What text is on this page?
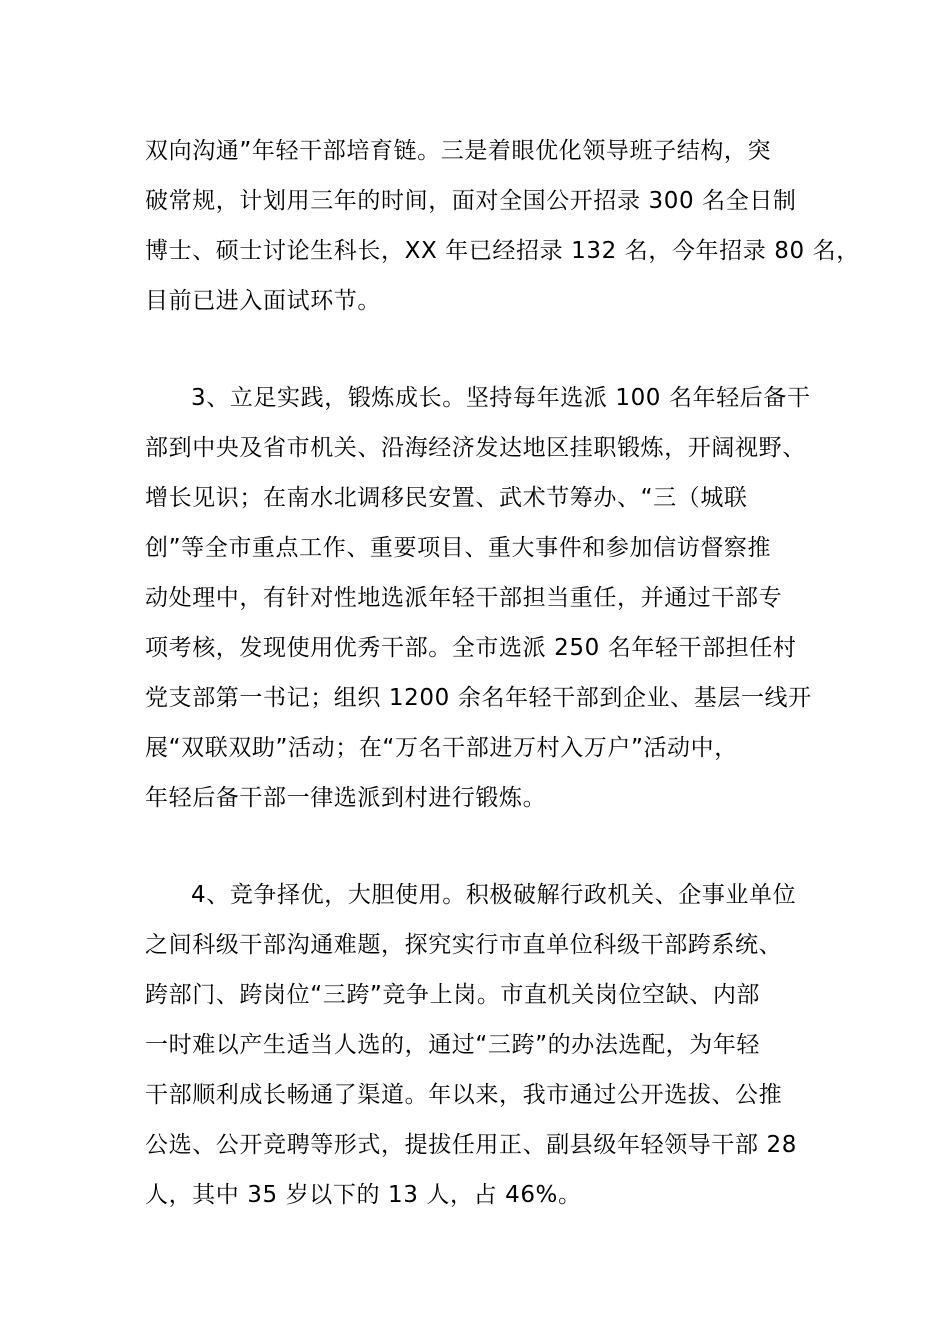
双向沟通”年轻干部培育链。三是着眼优化领导班子结构，突
破常规，计划用三年的时间，面对全国公开招录 300 名全日制
博士、硕士讨论生科长，XX 年已经招录 132 名，今年招录 80 名，
目前已进入面试环节。
3、立足实践，锻炼成长。坚持每年选派 100 名年轻后备干
部到中央及省市机关、沿海经济发达地区挂职锻炼，开阔视野、
增长见识；在南水北调移民安置、武术节筹办、“三（城联
创”等全市重点工作、重要项目、重大事件和参加信访督察推
动处理中，有针对性地选派年轻干部担当重任，并通过干部专
项考核，发现使用优秀干部。全市选派 250 名年轻干部担任村
党支部第一书记；组织 1200 余名年轻干部到企业、基层一线开
展“双联双助”活动；在“万名干部进万村入万户”活动中，
年轻后备干部一律选派到村进行锻炼。
4、竞争择优，大胆使用。积极破解行政机关、企事业单位
之间科级干部沟通难题，探究实行市直单位科级干部跨系统、
跨部门、跨岗位“三跨”竞争上岗。市直机关岗位空缺、内部
一时难以产生适当人选的，通过“三跨”的办法选配，为年轻
干部顺利成长畅通了渠道。年以来，我市通过公开选拔、公推
公选、公开竞聘等形式，提拔任用正、副县级年轻领导干部 28
人，其中 35 岁以下的 13 人，占 46%。
